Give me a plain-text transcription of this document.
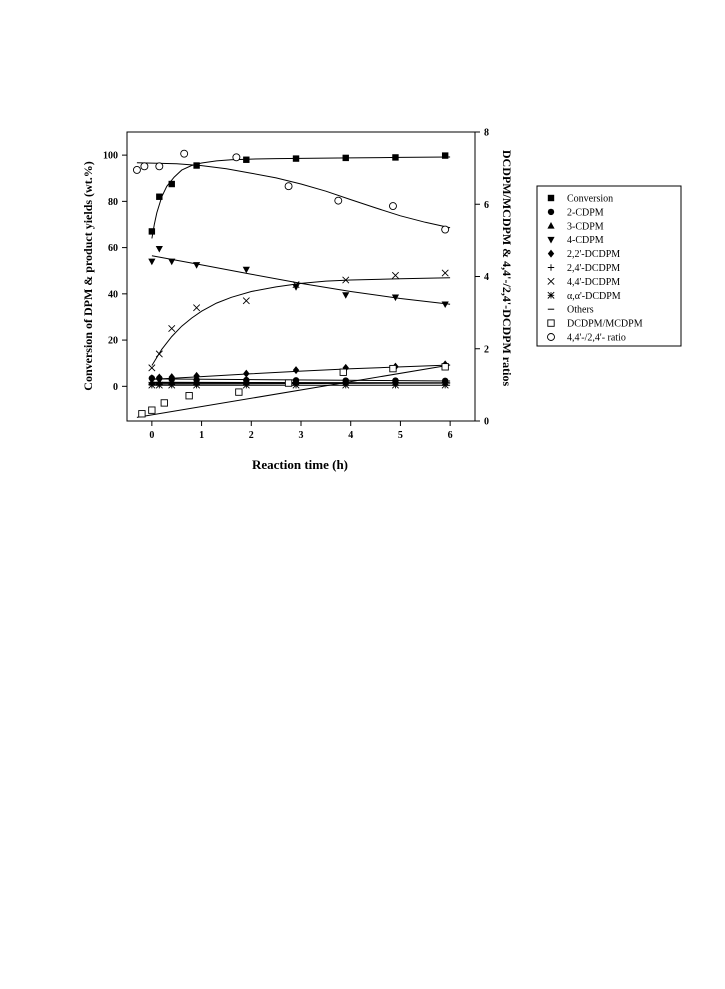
0	1	2	3	4	5	6
0
20
40
60
80
100
0
2
4
6
8
Reaction time (h)
Conversion of DPM & product yields (wt.%)	DCDPM/MCDPM & 4,4'-/2,4'-DCDPM ratios	Conversion
2-CDPM
3-CDPM
4-CDPM
2,2'-DCDPM
2,4'-DCDPM
4,4'-DCDPM
α,α'-DCDPM
Others
DCDPM/MCDPM
4,4'-/2,4'- ratio
